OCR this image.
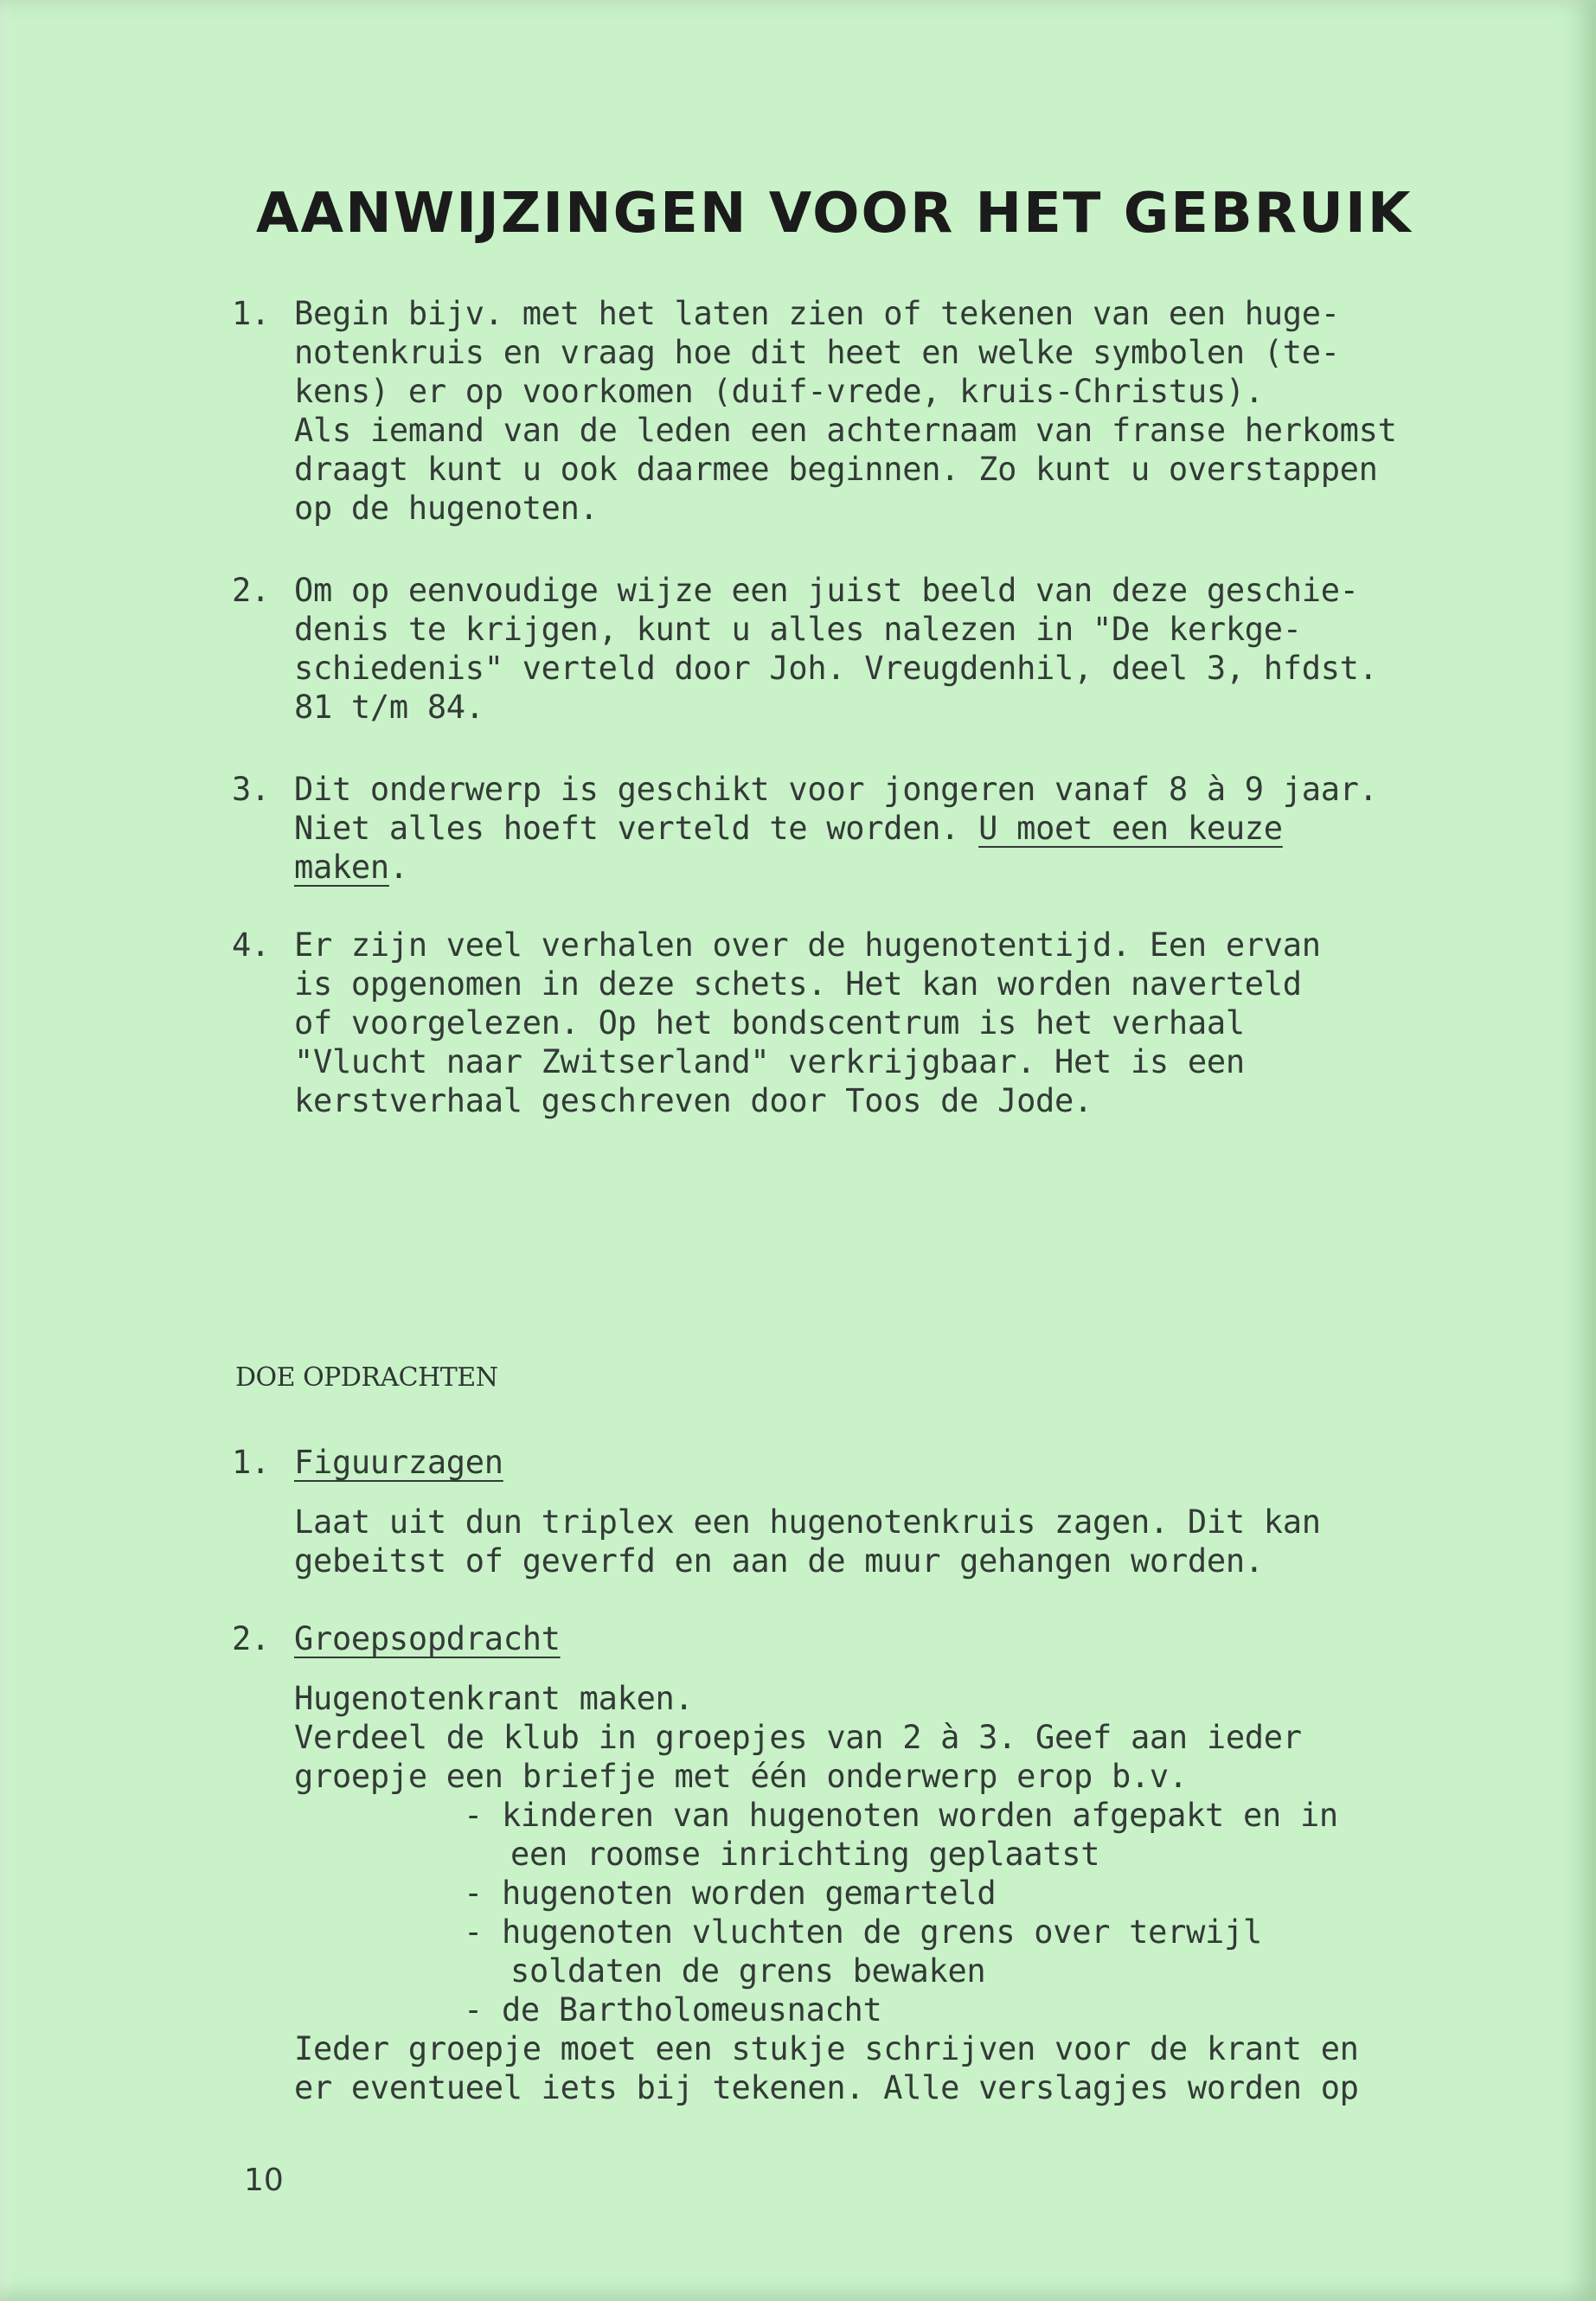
AANWIJZINGEN VOOR HET GEBRUIK
1. Begin bijv. met het laten zien of tekenen van een huge-
notenkruis en vraag hoe dit heet en welke symbolen (te-
kens) er op voorkomen (duif-vrede, kruis-Christus).
Als iemand van de leden een achternaam van franse herkomst
draagt kunt u ook daarmee beginnen. Zo kunt u overstappen
op de hugenoten.
2. Om op eenvoudige wijze een juist beeld van deze geschie-
denis te krijgen, kunt u alles nalezen in "De kerkge-
schiedenis" verteld door Joh. Vreugdenhil, deel 3, hfdst.
81 t/m 84.
3. Dit onderwerp is geschikt voor jongeren vanaf 8 à 9 jaar.
Niet alles hoeft verteld te worden. U moet een keuze
maken.
4. Er zijn veel verhalen over de hugenotentijd. Een ervan
is opgenomen in deze schets. Het kan worden naverteld
of voorgelezen. Op het bondscentrum is het verhaal
"Vlucht naar Zwitserland" verkrijgbaar. Het is een
kerstverhaal geschreven door Toos de Jode.
DOE OPDRACHTEN
1. Figuurzagen
Laat uit dun triplex een hugenotenkruis zagen. Dit kan
gebeitst of geverfd en aan de muur gehangen worden.
2. Groepsopdracht
Hugenotenkrant maken.
Verdeel de klub in groepjes van 2 à 3. Geef aan ieder
groepje een briefje met één onderwerp erop b.v.
- kinderen van hugenoten worden afgepakt en in
een roomse inrichting geplaatst
- hugenoten worden gemarteld
- hugenoten vluchten de grens over terwijl
soldaten de grens bewaken
- de Bartholomeusnacht
Ieder groepje moet een stukje schrijven voor de krant en
er eventueel iets bij tekenen. Alle verslagjes worden op
10
